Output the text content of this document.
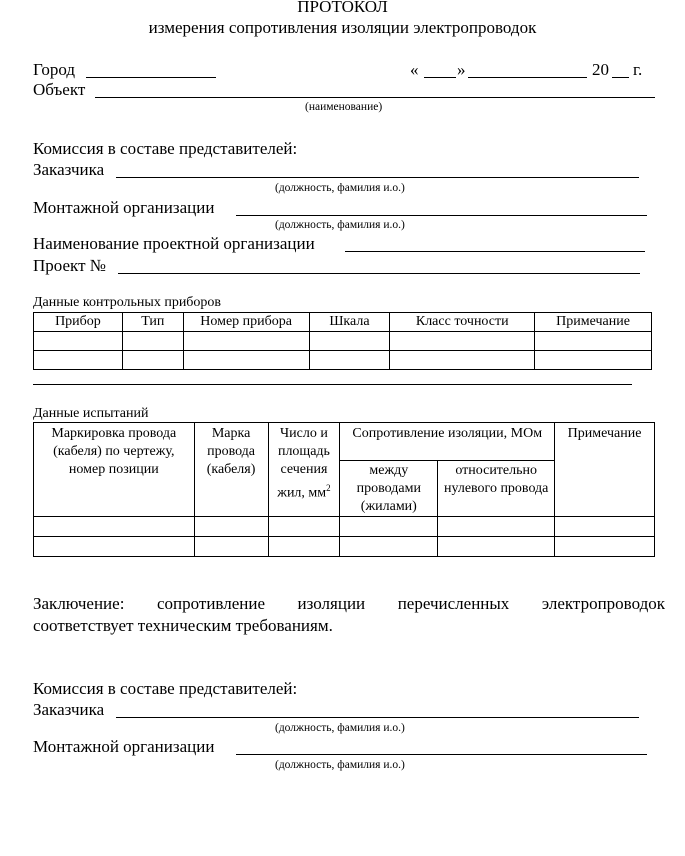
ПРОТОКОЛ
измерения сопротивления изоляции электропроводок
Город	« »	20 г.
Объект
(наименование)
Комиссия в составе представителей:
Заказчика
(должность, фамилия и.о.)
Монтажной организации
(должность, фамилия и.о.)
Наименование проектной организации
Проект №
Данные контрольных приборов
Прибор	Тип	Номер прибора	Шкала	Класс точности	Примечание

Данные испытаний
Маркировка провода (кабеля) по чертежу, номер позиции	Марка провода (кабеля)	Число и площадь сечения жил, $мм^2$	Сопротивление изоляции, МОм		Примечание
			между проводами (жилами)	относительно нулевого провода	

Заключение: сопротивление изоляции перечисленных электропроводок
соответствует техническим требованиям.
Комиссия в составе представителей:
Заказчика
(должность, фамилия и.о.)
Монтажной организации
(должность, фамилия и.о.)
